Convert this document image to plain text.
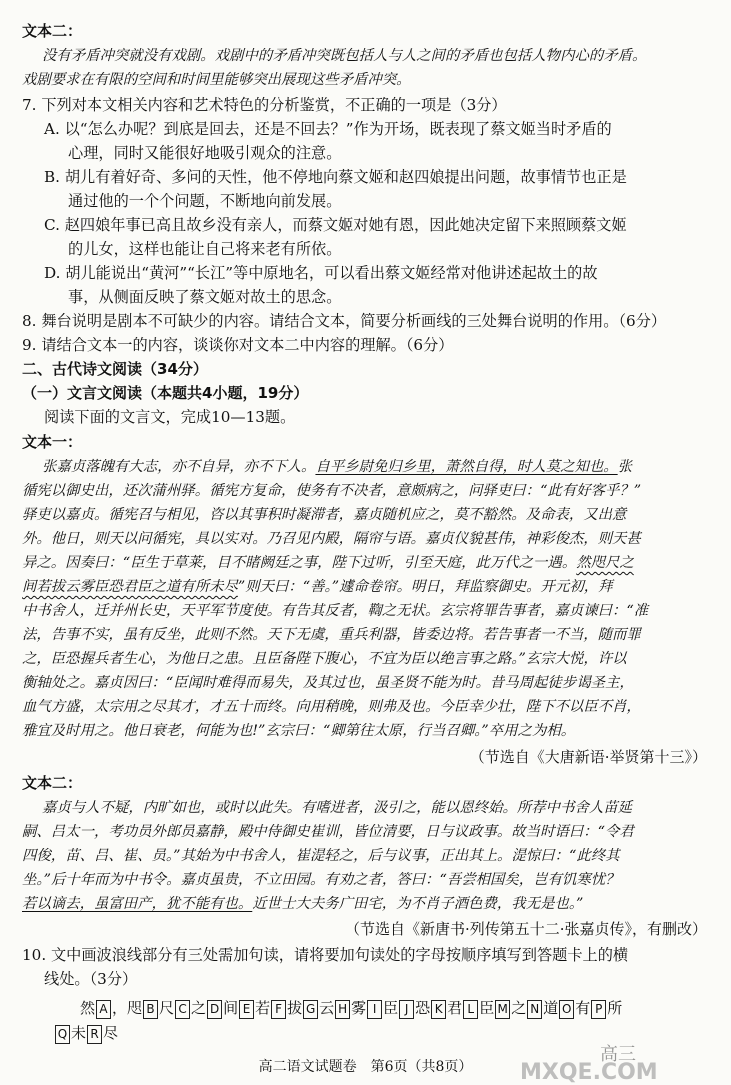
文本二：
没有矛盾冲突就没有戏剧。戏剧中的矛盾冲突既包括人与人之间的矛盾也包括人物内心的矛盾。
戏剧要求在有限的空间和时间里能够突出展现这些矛盾冲突。
7. 下列对本文相关内容和艺术特色的分析鉴赏，不正确的一项是（3分）
A. 以“怎么办呢？到底是回去，还是不回去？”作为开场，既表现了蔡文姬当时矛盾的
心理，同时又能很好地吸引观众的注意。
B. 胡儿有着好奇、多问的天性，他不停地向蔡文姬和赵四娘提出问题，故事情节也正是
通过他的一个个问题，不断地向前发展。
C. 赵四娘年事已高且故乡没有亲人，而蔡文姬对她有恩，因此她决定留下来照顾蔡文姬
的儿女，这样也能让自己将来老有所依。
D. 胡儿能说出“黄河”“长江”等中原地名，可以看出蔡文姬经常对他讲述起故土的故
事，从侧面反映了蔡文姬对故土的思念。
8. 舞台说明是剧本不可缺少的内容。请结合文本，简要分析画线的三处舞台说明的作用。（6分）
9. 请结合文本一的内容，谈谈你对文本二中内容的理解。（6分）
二、古代诗文阅读（34分）
（一）文言文阅读（本题共4小题，19分）
阅读下面的文言文，完成10—13题。
文本一：
张嘉贞落魄有大志，亦不自异，亦不下人。自平乡尉免归乡里，萧然自得，时人莫之知也。张
循宪以御史出，还次蒲州驿。循宪方复命，使务有不决者，意颇病之，问驿吏曰：“此有好客乎？”
驿吏以嘉贞。循宪召与相见，咨以其事积时凝滞者，嘉贞随机应之，莫不豁然。及命表，又出意
外。他日，则天以问循宪，具以实对。乃召见内殿，隔帘与语。嘉贞仪貌甚伟，神彩俊杰，则天甚
异之。因奏曰：“臣生于草莱，目不睹阙廷之事，陛下过听，引至天庭，此万代之一遇。然咫尺之
间若拔云雾臣恐君臣之道有所未尽”则天曰：“善。”遽命卷帘。明日，拜监察御史。开元初，拜
中书舍人，迁并州长史，天平军节度使。有告其反者，鞫之无状。玄宗将罪告事者，嘉贞谏曰：“准
法，告事不实，虽有反坐，此则不然。天下无虞，重兵利器，皆委边将。若告事者一不当，随而罪
之，臣恐握兵者生心，为他日之患。且臣备陛下腹心，不宜为臣以绝言事之路。”玄宗大悦，许以
衡轴处之。嘉贞因曰：“臣闻时难得而易失，及其过也，虽圣贤不能为时。昔马周起徒步谒圣主，
血气方盛，太宗用之尽其才，才五十而终。向用稍晚，则弗及也。今臣幸少壮，陛下不以臣不肖，
雅宜及时用之。他日衰老，何能为也!”玄宗曰：“卿第往太原，行当召卿。”卒用之为相。
（节选自《大唐新语·举贤第十三》）
文本二：
嘉贞与人不疑，内旷如也，或时以此失。有嗜进者，汲引之，能以恩终始。所荐中书舍人苗延
嗣、吕太一，考功员外郎员嘉静，殿中侍御史崔训，皆位清要，日与议政事。故当时语曰：“令君
四俊，苗、吕、崔、员。”其始为中书舍人，崔湜轻之，后与议事，正出其上。湜惊曰：“此终其
坐。”后十年而为中书令。嘉贞虽贵，不立田园。有劝之者，答曰：“吾尝相国矣，岂有饥寒忧？
若以谪去，虽富田产，犹不能有也。近世士大夫务广田宅，为不肖子酒色费，我无是也。”
（节选自《新唐书·列传第五十二·张嘉贞传》，有删改）
10. 文中画波浪线部分有三处需加句读，请将要加句读处的字母按顺序填写到答题卡上的横
线处。（3分）
然 A ，咫 B 尺 C 之 D 间 E 若 F 拔 G 云 H 雾 I 臣 J 恐 K 君 L 臣 M 之 N 道 O 有 P 所
Q 未 R 尽
高二语文试题卷　第6页（共8页）
高三
MXQE.COM
